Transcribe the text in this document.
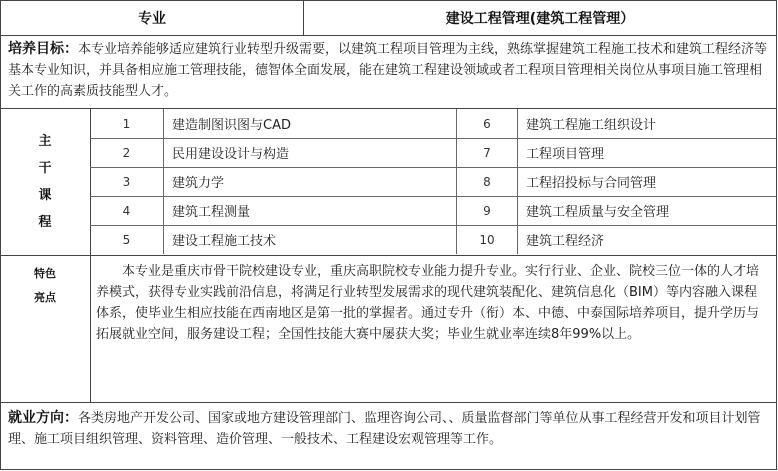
专业	建设工程管理(建筑工程管理）
培养目标：本专业培养能够适应建筑行业转型升级需要，以建筑工程项目管理为主线，熟练掌握建筑工程施工技术和建筑工程经济等基本专业知识，并具备相应施工管理技能，德智体全面发展，能在建筑工程建设领域或者工程项目管理相关岗位从事项目施工管理相关工作的高素质技能型人才。
主
干
课
程
1	建造制图识图与CAD	6	建筑工程施工组织设计
2	民用建设设计与构造	7	工程项目管理
3	建筑力学	8	工程招投标与合同管理
4	建筑工程测量	9	建筑工程质量与安全管理
5	建设工程施工技术	10	建筑工程经济
特色
亮点
本专业是重庆市骨干院校建设专业，重庆高职院校专业能力提升专业。实行行业、企业、院校三位一体的人才培养模式，获得专业实践前沿信息，将满足行业转型发展需求的现代建筑装配化、建筑信息化（BIM）等内容融入课程体系，使毕业生相应技能在西南地区是第一批的掌握者。通过专升（衔）本、中德、中泰国际培养项目，提升学历与拓展就业空间，服务建设工程；全国性技能大赛中屡获大奖；毕业生就业率连续8年99%以上。
就业方向：各类房地产开发公司、国家或地方建设管理部门、监理咨询公司、、质量监督部门等单位从事工程经营开发和项目计划管理、施工项目组织管理、资料管理、造价管理、一般技术、工程建设宏观管理等工作。
